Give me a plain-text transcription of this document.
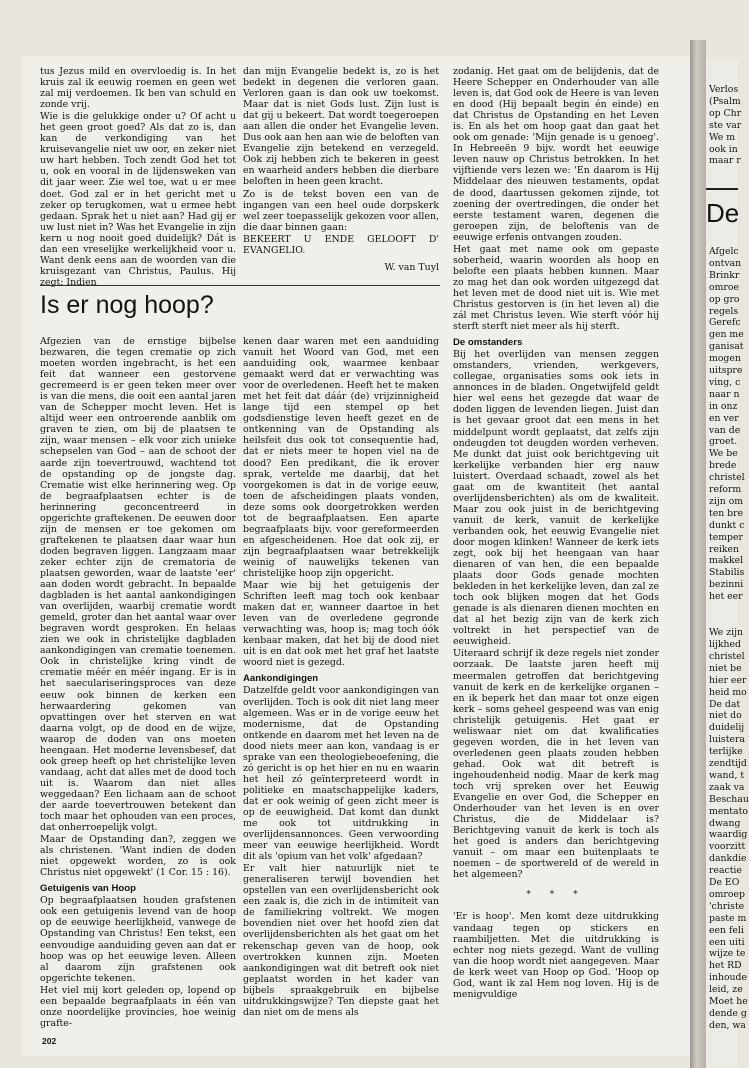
tus Jezus mild en overvloedig is. In het kruis zal ik eeuwig roemen en geen wet zal mij verdoemen. Ik ben van schuld en zonde vrij.

Wie is die gelukkige onder u? Of acht u het geen groot goed? Als dat zo is, dan kan de verkondiging van het kruisevangelie niet uw oor, en zeker niet uw hart hebben. Toch zendt God het tot u, ook en vooral in de lijdensweken van dit jaar weer. Zie wel toe, wat u er mee doet. God zal er in het gericht met u zeker op terugkomen, wat u ermee hebt gedaan. Sprak het u niet aan? Had gij er uw lust niet in? Was het Evangelie in zijn kern u nog nooit goed duidelijk? Dát is dan een vreselijke werkelijkheid voor u. Want denk eens aan de woorden van die kruisgezant van Christus, Paulus. Hij zegt: Indien

dan mijn Evangelie bedekt is, zo is het bedekt in degenen die verloren gaan. Verloren gaan is dan ook uw toekomst. Maar dat is niet Gods lust. Zijn lust is dat gij u bekeert. Dat wordt toegeroepen aan allen die onder het Evangelie leven. Dus ook aan hen aan wie de beloften van Evangelie zijn betekend en verzegeld. Ook zij hebben zich te bekeren in geest en waarheid anders hebben die dierbare beloften in heen geen kracht.

Zo is de tekst boven een van de ingangen van een heel oude dorpskerk wel zeer toepasselijk gekozen voor allen, die daar binnen gaan:

BEKEERT U ENDE GELOOFT D' EVANGELIO.

W. van Tuyl
Is er nog hoop?

Afgezien van de ernstige bijbelse bezwaren, die tegen crematie op zich moeten worden ingebracht, is het een feit dat wanneer een gestorvene gecremeerd is er geen teken meer over is van die mens, die ooit een aantal jaren van de Schepper mocht leven. Het is altijd weer een ontroerende aanblik om graven te zien, om bij de plaatsen te zijn, waar mensen – elk voor zich unieke schepselen van God – aan de schoot der aarde zijn toevertrouwd, wachtend tot de opstanding op de jongste dag. Crematie wist elke herinnering weg. Op de begraafplaatsen echter is de herinnering geconcentreerd in opgerichte graftekenen. De eeuwen door zijn de mensen er toe gekomen om graftekenen te plaatsen daar waar hun doden begraven liggen. Langzaam maar zeker echter zijn de crematoria de plaatsen geworden, waar de laatste 'eer' aan doden wordt gebracht. In bepaalde dagbladen is het aantal aankondigingen van overlijden, waarbij crematie wordt gemeld, groter dan het aantal waar over begraven wordt gesproken. En helaas zien we ook in christelijke dagbladen aankondigingen van crematie toenemen. Ook in christelijke kring vindt de crematie méér en méér ingang. Er is in het saeculariseringsproces van deze eeuw ook binnen de kerken een herwaardering gekomen van opvattingen over het sterven en wat daarna volgt, op de dood en de wijze, waarop de doden van ons moeten heengaan. Het moderne levensbesef, dat ook greep heeft op het christelijke leven vandaag, acht dat alles met de dood toch uit is. Waarom dan niet alles weggedaan? Een lichaam aan de schoot der aarde toevertrouwen betekent dan toch maar het ophouden van een proces, dat onherroepelijk volgt.

Maar de Opstanding dan?, zeggen we als christenen. 'Want indien de doden niet opgewekt worden, zo is ook Christus niet opgewekt' (1 Cor. 15 : 16).

Getuigenis van Hoop

Op begraafplaatsen houden grafstenen ook een getuigenis levend van de hoop op de eeuwige heerlijkheid, vanwege de Opstanding van Christus! Een tekst, een eenvoudige aanduiding geven aan dat er hoop was op het eeuwige leven. Alleen al daarom zijn grafstenen ook opgerichte tekenen.

Het viel mij kort geleden op, lopend op een bepaalde begraafplaats in één van onze noordelijke provincies, hoe weinig grafte-

kenen daar waren met een aanduiding vanuit het Woord van God, met een aanduiding ook, waarmee kenbaar gemaakt werd dat er verwachting was voor de overledenen. Heeft het te maken met het feit dat dáár (de) vrijzinnigheid lange tijd een stempel op het godsdienstige leven heeft gezet en de ontkenning van de Opstanding als heilsfeit dus ook tot consequentie had, dat er niets meer te hopen viel na de dood? Een predikant, die ik erover sprak, vertelde me daarbij, dat het voorgekomen is dat in de vorige eeuw, toen de afscheidingen plaats vonden, deze soms ook doorgetrokken werden tot de begraafplaatsen. Een aparte begraafplaats bijv. voor gereformeerden en afgescheidenen. Hoe dat ook zij, er zijn begraafplaatsen waar betrekkelijk weinig of nauwelijks tekenen van christelijke hoop zijn opgericht.

Maar wie bij het getuigenis der Schriften leeft mag toch ook kenbaar maken dat er, wanneer daartoe in het leven van de overledene gegronde verwachting was, hoop is; mag toch óók kenbaar maken, dat het bij de dood niet uit is en dat ook met het graf het laatste woord niet is gezegd.

Aankondigingen

Datzelfde geldt voor aankondigingen van overlijden. Toch is ook dit niet lang meer algemeen. Was er in de vorige eeuw het modernisme, dat de Opstanding ontkende en daarom met het leven na de dood niets meer aan kon, vandaag is er sprake van een theologiebeoefening, die zó gericht is op het hier en nu en waarin het heil zó geïnterpreteerd wordt in politieke en maatschappelijke kaders, dat er ook weinig of geen zicht meer is op de eeuwigheid. Dat komt dan dunkt me ook tot uitdrukking in overlijdensannonces. Geen verwoording meer van eeuwige heerlijkheid. Wordt dit als 'opium van het volk' afgedaan?

Er valt hier natuurlijk niet te generaliseren terwijl bovendien het opstellen van een overlijdensbericht ook een zaak is, die zich in de intimiteit van de familiekring voltrekt. We mogen bovendien niet over het hoofd zien dat overlijdensberichten als het gaat om het rekenschap geven van de hoop, ook overtrokken kunnen zijn. Moeten aankondigingen wat dit betreft ook niet geplaatst worden in het kader van bijbels spraakgebruik en bijbelse uitdrukkingswijze? Ten diepste gaat het dan niet om de mens als

zodanig. Het gaat om de belijdenis, dat de Heere Schepper en Onderhouder van alle leven is, dat God ook de Heere is van leven en dood (Hij bepaalt begin én einde) en dat Christus de Opstanding en het Leven is. En als het om hoop gaat dan gaat het ook om genade: 'Mijn genade is u genoeg'. In Hebreeën 9 bijv. wordt het eeuwige leven nauw op Christus betrokken. In het vijftiende vers lezen we: 'En daarom is Hij Middelaar des nieuwen testaments, opdat de dood, daartussen gekomen zijnde, tot zoening der overtredingen, die onder het eerste testament waren, degenen die geroepen zijn, de beloftenis van de eeuwige erfenis ontvangen zouden.

Het gaat met name ook om gepaste soberheid, waarin woorden als hoop en belofte een plaats hebben kunnen. Maar zo mag het dan ook worden uitgezegd dat het leven met de dood niet uit is. Wie met Christus gestorven is (in het leven al) die zál met Christus leven. Wie sterft vóór hij sterft sterft niet meer als hij sterft.

De omstanders

Bij het overlijden van mensen zeggen omstanders, vrienden, werkgevers, collegae, organisaties soms ook iets in annonces in de bladen. Ongetwijfeld geldt hier wel eens het gezegde dat waar de doden liggen de levenden liegen. Juist dan is het gevaar groot dat een mens in het middelpunt wordt geplaatst, dat zelfs zijn ondeugden tot deugden worden verheven. Me dunkt dat juist ook berichtgeving uit kerkelijke verbanden hier erg nauw luistert. Overdaad schaadt, zowel als het gaat om de kwantiteit (het aantal overlijdensberichten) als om de kwaliteit. Maar zou ook juist in de berichtgeving vanuit de kerk, vanuit de kerkelijke verbanden ook, het eeuwig Evangelie niet door mogen klinken! Wanneer de kerk iets zegt, ook bij het heengaan van haar dienaren of van hen, die een bepaalde plaats door Gods genade mochten bekleden in het kerkelijke leven, dan zal ze toch ook blijken mogen dat het Gods genade is als dienaren dienen mochten en dat al het bezig zijn van de kerk zich voltrekt in het perspectief van de eeuwigheid.

Uiteraard schrijf ik deze regels niet zonder oorzaak. De laatste jaren heeft mij meermalen getroffen dat berichtgeving vanuit de kerk en de kerkelijke organen – en ik beperk het dan maar tot onze eigen kerk – soms geheel gespeend was van enig christelijk getuigenis. Het gaat er weliswaar niet om dat kwalificaties gegeven worden, die in het leven van overledenen geen plaats zouden hebben gehad. Ook wat dit betreft is ingehoudenheid nodig. Maar de kerk mag toch vrij spreken over het Eeuwig Evangelie en over God, die Schepper en Onderhouder van het leven is en over Christus, die de Middelaar is? Berichtgeving vanuit de kerk is toch als het goed is anders dan berichtgeving vanuit – om maar een buitenplaats te noemen – de sportwereld of de wereld in het algemeen?

* * *

'Er is hoop'. Men komt deze uitdrukking vandaag tegen op stickers en raambiljetten. Met die uitdrukking is echter nog niets gezegd. Want de vulling van die hoop wordt niet aangegeven. Maar de kerk weet van Hoop op God. 'Hoop op God, want ik zal Hem nog loven. Hij is de menigvuldige

Verlos
(Psalm
op Chr
ste var
We m
ook in
maar r
De
Afgelc
ontvan
Brinkr
omroe
op gro
regels
Gerefc
gen me
ganisat
mogen
uitspre
ving, c
naar n
in onz
en ver
van de
groet.
We be
brede
christel
reform
zijn om
ten bre
dunkt c
temper
reiken
makkel
Stabilis
bezinni
het eer
We zijn
lijkhed
christel
niet be
hier eer
heid mo
De dat
niet do
duidelij
luistera
terlijke
zendtijd
wand, t
zaak va
Beschau
mentato
dwang
waardig
voorzitt
dankdie
reactie
De EO
omroep
'christe
paste m
een feli
een uiti
wijze te
het RD
inhoude
leid, ze
Moet he
dende g
den, wa
202
